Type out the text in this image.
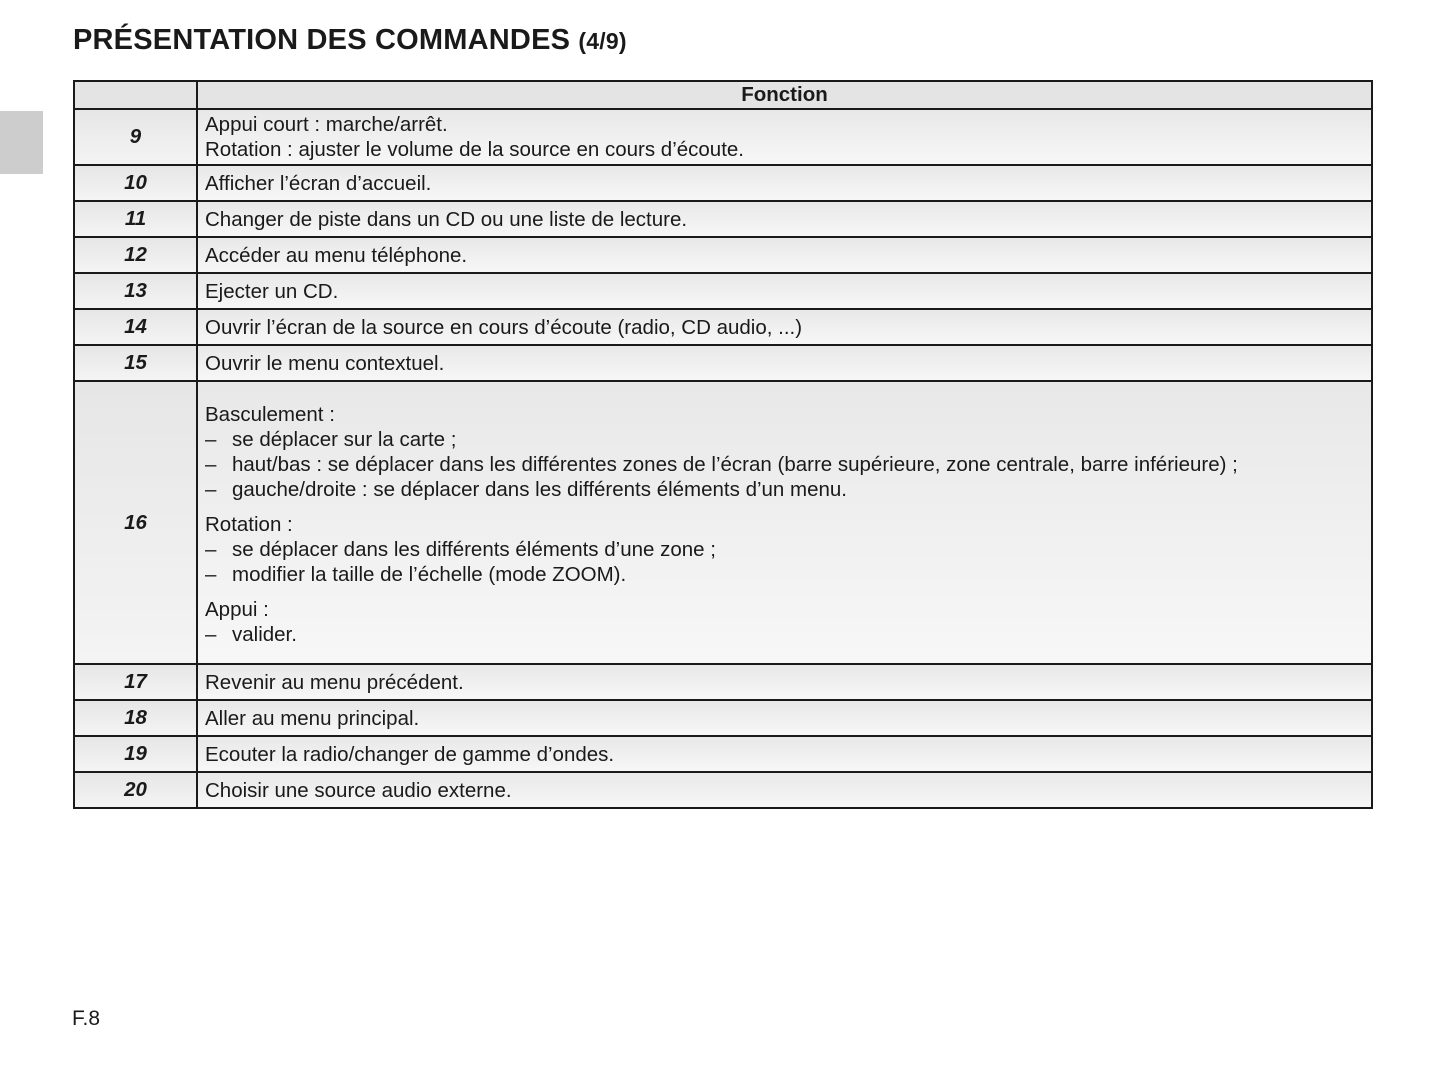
PRÉSENTATION DES COMMANDES (4/9)
	Fonction
9	Appui court : marche/arrêt.
Rotation : ajuster le volume de la source en cours d’écoute.

10	Afficher l’écran d’accueil.
11	Changer de piste dans un CD ou une liste de lecture.
12	Accéder au menu téléphone.
13	Ejecter un CD.
14	Ouvrir l’écran de la source en cours d’écoute (radio, CD audio, ...)
15	Ouvrir le menu contextuel.
16	
Basculement :
– se déplacer sur la carte ;
– haut/bas : se déplacer dans les différentes zones de l’écran (barre supérieure, zone centrale, barre inférieure) ;
– gauche/droite : se déplacer dans les différents éléments d’un menu.
Rotation :
– se déplacer dans les différents éléments d’une zone ;
– modifier la taille de l’échelle (mode ZOOM).
Appui :
– valider.

17	Revenir au menu précédent.
18	Aller au menu principal.
19	Ecouter la radio/changer de gamme d’ondes.
20	Choisir une source audio externe.
F.8
